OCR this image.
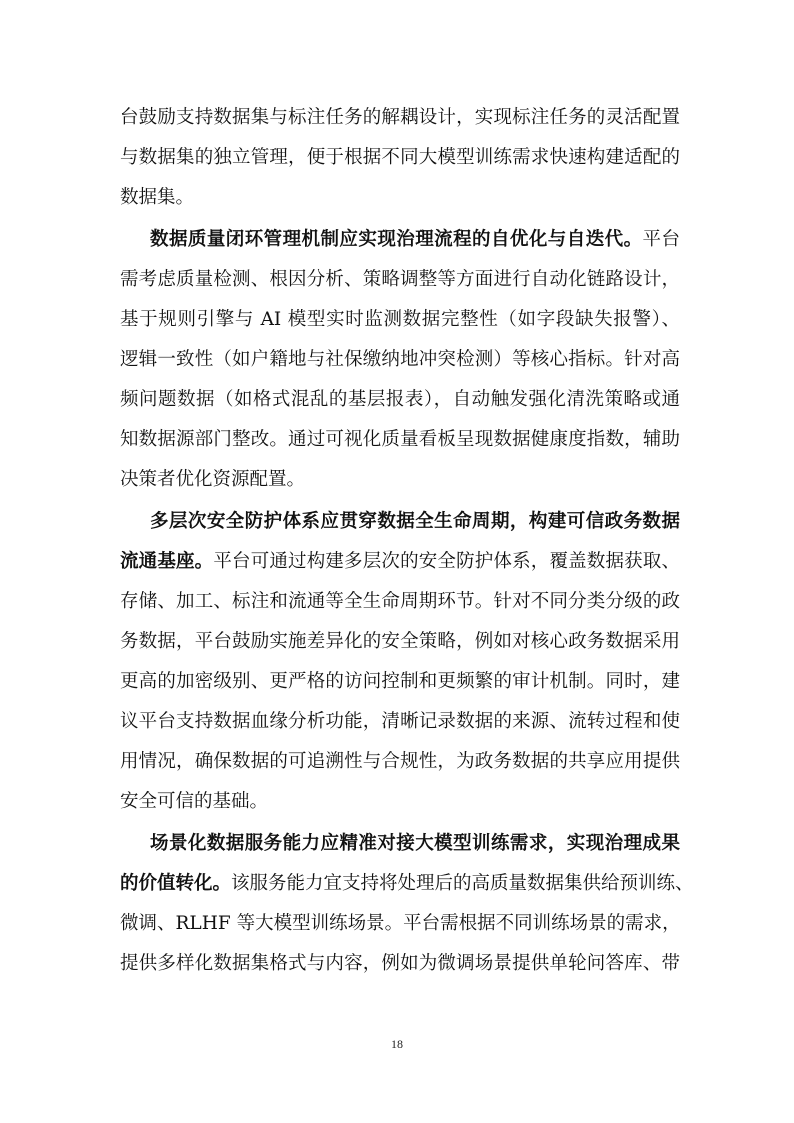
台鼓励支持数据集与标注任务的解耦设计，实现标注任务的灵活配置
与数据集的独立管理，便于根据不同大模型训练需求快速构建适配的
数据集。
数据质量闭环管理机制应实现治理流程的自优化与自迭代。平台
需考虑质量检测、根因分析、策略调整等方面进行自动化链路设计，
基于规则引擎与 AI 模型实时监测数据完整性（如字段缺失报警）、
逻辑一致性（如户籍地与社保缴纳地冲突检测）等核心指标。针对高
频问题数据（如格式混乱的基层报表），自动触发强化清洗策略或通
知数据源部门整改。通过可视化质量看板呈现数据健康度指数，辅助
决策者优化资源配置。
多层次安全防护体系应贯穿数据全生命周期，构建可信政务数据
流通基座。平台可通过构建多层次的安全防护体系，覆盖数据获取、
存储、加工、标注和流通等全生命周期环节。针对不同分类分级的政
务数据，平台鼓励实施差异化的安全策略，例如对核心政务数据采用
更高的加密级别、更严格的访问控制和更频繁的审计机制。同时，建
议平台支持数据血缘分析功能，清晰记录数据的来源、流转过程和使
用情况，确保数据的可追溯性与合规性，为政务数据的共享应用提供
安全可信的基础。
场景化数据服务能力应精准对接大模型训练需求，实现治理成果
的价值转化。该服务能力宜支持将处理后的高质量数据集供给预训练、
微调、RLHF 等大模型训练场景。平台需根据不同训练场景的需求，
提供多样化数据集格式与内容，例如为微调场景提供单轮问答库、带
18
